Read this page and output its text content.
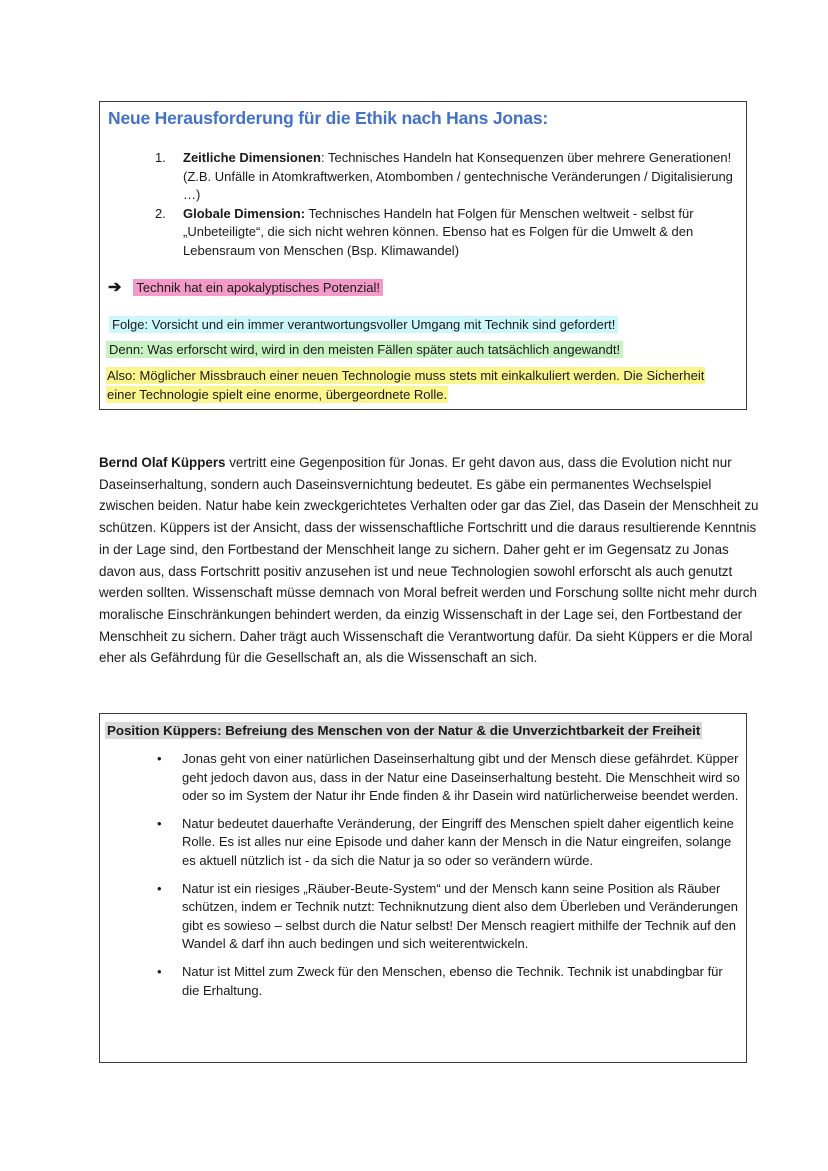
Neue Herausforderung für die Ethik nach Hans Jonas:
1. Zeitliche Dimensionen: Technisches Handeln hat Konsequenzen über mehrere Generationen! (Z.B. Unfälle in Atomkraftwerken, Atombomben / gentechnische Veränderungen / Digitalisierung …)
2. Globale Dimension: Technisches Handeln hat Folgen für Menschen weltweit - selbst für „Unbeteiligte“, die sich nicht wehren können. Ebenso hat es Folgen für die Umwelt & den Lebensraum von Menschen (Bsp. Klimawandel)
➔ Technik hat ein apokalyptisches Potenzial!
Folge: Vorsicht und ein immer verantwortungsvoller Umgang mit Technik sind gefordert!
Denn: Was erforscht wird, wird in den meisten Fällen später auch tatsächlich angewandt!
Also: Möglicher Missbrauch einer neuen Technologie muss stets mit einkalkuliert werden. Die Sicherheit einer Technologie spielt eine enorme, übergeordnete Rolle.
Bernd Olaf Küppers vertritt eine Gegenposition für Jonas. Er geht davon aus, dass die Evolution nicht nur Daseinserhaltung, sondern auch Daseinsvernichtung bedeutet. Es gäbe ein permanentes Wechselspiel zwischen beiden. Natur habe kein zweckgerichtetes Verhalten oder gar das Ziel, das Dasein der Menschheit zu schützen. Küppers ist der Ansicht, dass der wissenschaftliche Fortschritt und die daraus resultierende Kenntnis in der Lage sind, den Fortbestand der Menschheit lange zu sichern. Daher geht er im Gegensatz zu Jonas davon aus, dass Fortschritt positiv anzusehen ist und neue Technologien sowohl erforscht als auch genutzt werden sollten. Wissenschaft müsse demnach von Moral befreit werden und Forschung sollte nicht mehr durch moralische Einschränkungen behindert werden, da einzig Wissenschaft in der Lage sei, den Fortbestand der Menschheit zu sichern. Daher trägt auch Wissenschaft die Verantwortung dafür. Da sieht Küppers er die Moral eher als Gefährdung für die Gesellschaft an, als die Wissenschaft an sich.
Position Küppers: Befreiung des Menschen von der Natur & die Unverzichtbarkeit der Freiheit
• Jonas geht von einer natürlichen Daseinserhaltung gibt und der Mensch diese gefährdet. Küpper geht jedoch davon aus, dass in der Natur eine Daseinserhaltung besteht. Die Menschheit wird so oder so im System der Natur ihr Ende finden & ihr Dasein wird natürlicherweise beendet werden.
• Natur bedeutet dauerhafte Veränderung, der Eingriff des Menschen spielt daher eigentlich keine Rolle. Es ist alles nur eine Episode und daher kann der Mensch in die Natur eingreifen, solange es aktuell nützlich ist - da sich die Natur ja so oder so verändern würde.
• Natur ist ein riesiges „Räuber-Beute-System“ und der Mensch kann seine Position als Räuber schützen, indem er Technik nutzt: Techniknutzung dient also dem Überleben und Veränderungen gibt es sowieso – selbst durch die Natur selbst! Der Mensch reagiert mithilfe der Technik auf den Wandel & darf ihn auch bedingen und sich weiterentwickeln.
• Natur ist Mittel zum Zweck für den Menschen, ebenso die Technik. Technik ist unabdingbar für die Erhaltung.
